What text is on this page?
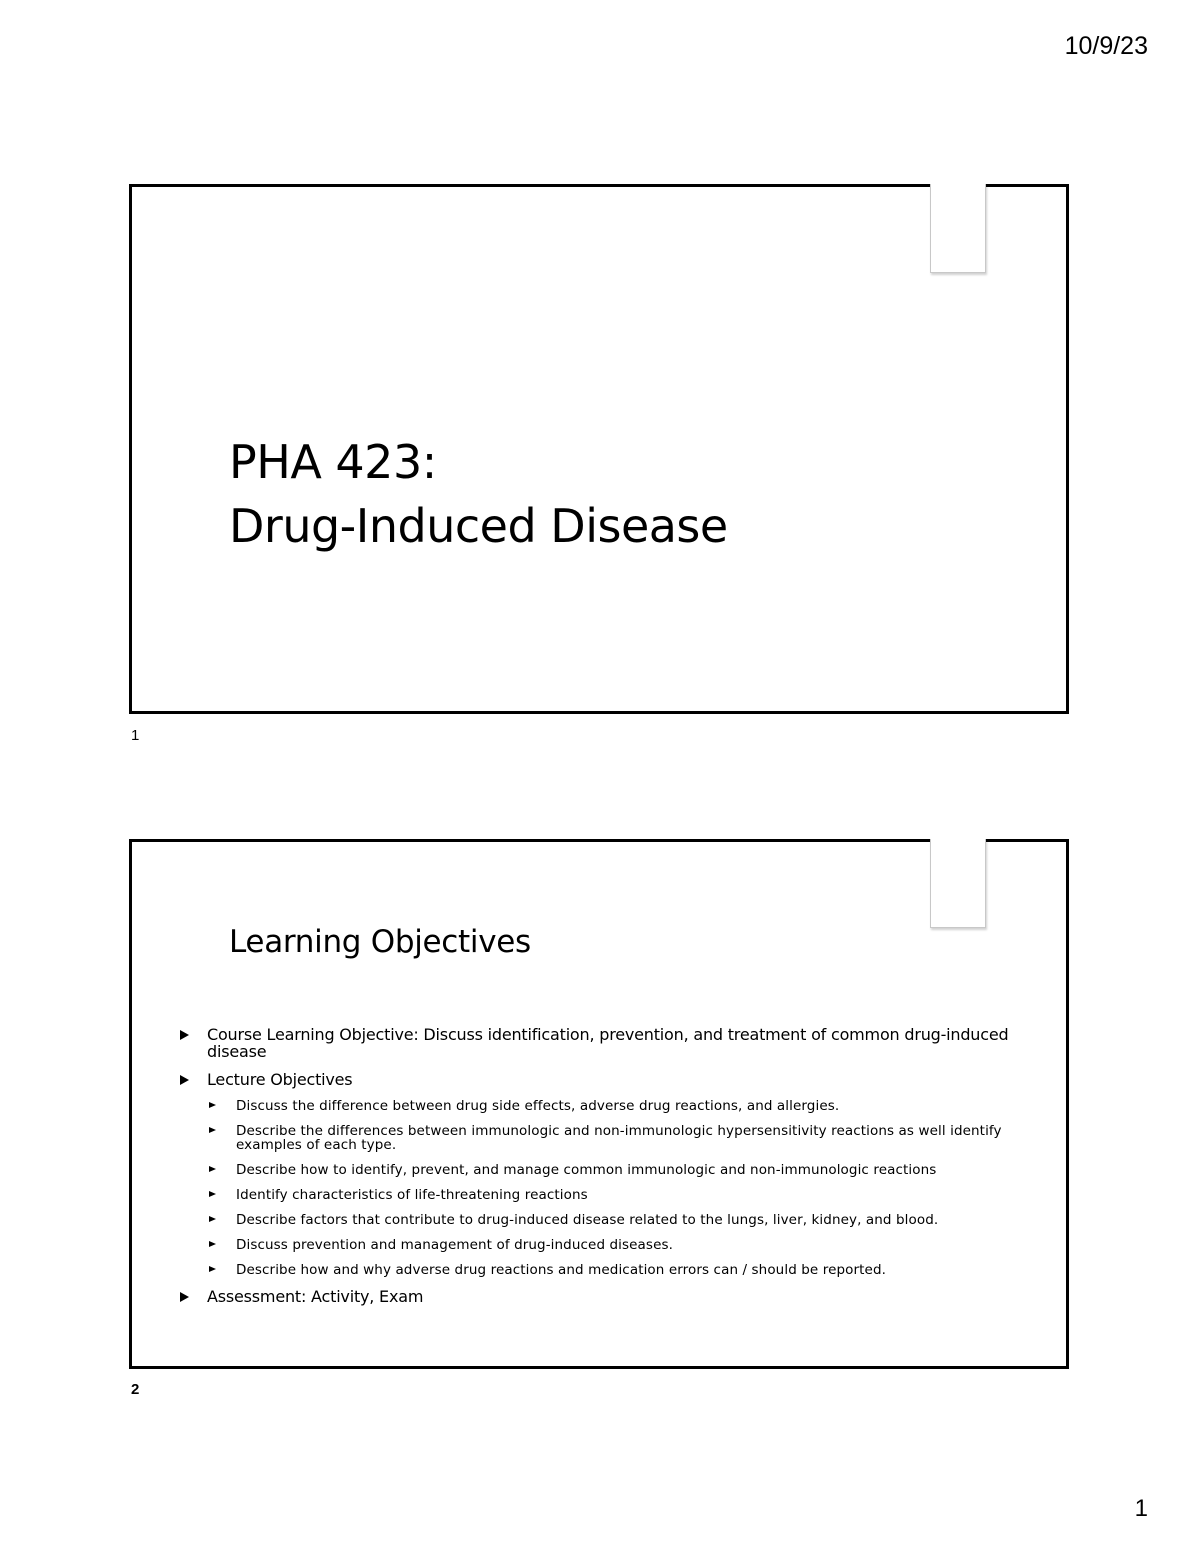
10/9/23
PHA 423:
Drug-Induced Disease
1
Learning Objectives
Course Learning Objective: Discuss identification, prevention, and treatment of common drug-induced disease
Lecture Objectives
Discuss the difference between drug side effects, adverse drug reactions, and allergies.
Describe the differences between immunologic and non-immunologic hypersensitivity reactions as well identify examples of each type.
Describe how to identify, prevent, and manage common immunologic and non-immunologic reactions
Identify characteristics of life-threatening reactions
Describe factors that contribute to drug-induced disease related to the lungs, liver, kidney, and blood.
Discuss prevention and management of drug-induced diseases.
Describe how and why adverse drug reactions and medication errors can / should be reported.
Assessment: Activity, Exam
2
1
